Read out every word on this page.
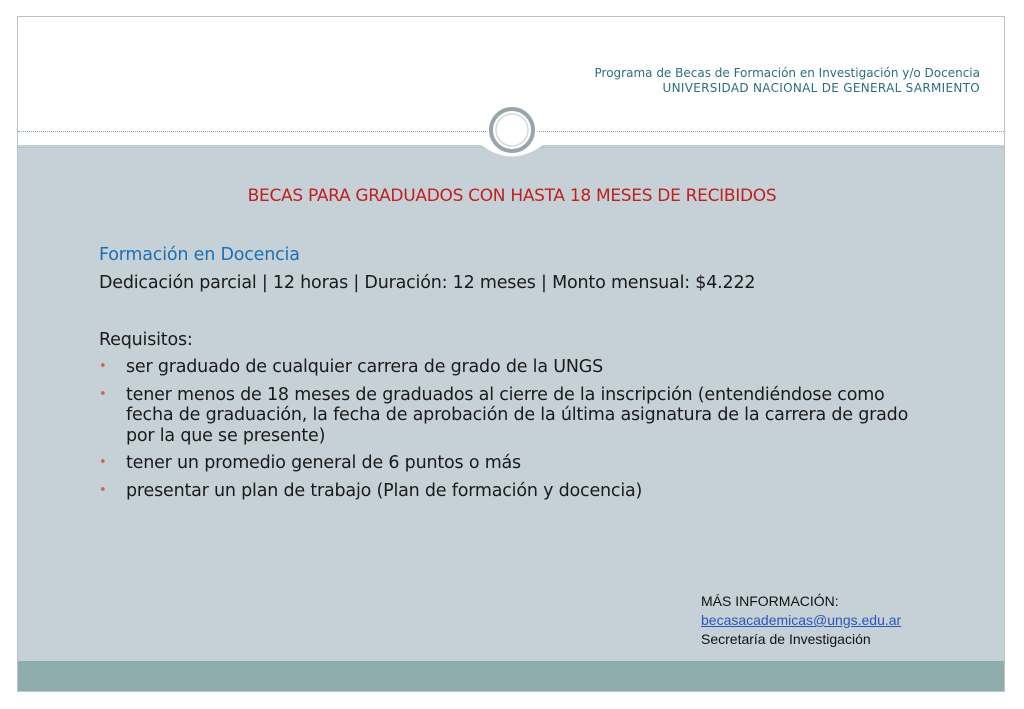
Programa de Becas de Formación en Investigación y/o Docencia
UNIVERSIDAD NACIONAL DE GENERAL SARMIENTO
BECAS PARA GRADUADOS CON HASTA 18 MESES DE RECIBIDOS
Formación en Docencia
Dedicación parcial | 12 horas | Duración: 12 meses | Monto mensual: $4.222
Requisitos:
• ser graduado de cualquier carrera de grado de la UNGS
• tener menos de 18 meses de graduados al cierre de la inscripción (entendiéndose como fecha de graduación, la fecha de aprobación de la última asignatura de la carrera de grado por la que se presente)
• tener un promedio general de 6 puntos o más
• presentar un plan de trabajo (Plan de formación y docencia)
MÁS INFORMACIÓN:
becasacademicas@ungs.edu.ar
Secretaría de Investigación
